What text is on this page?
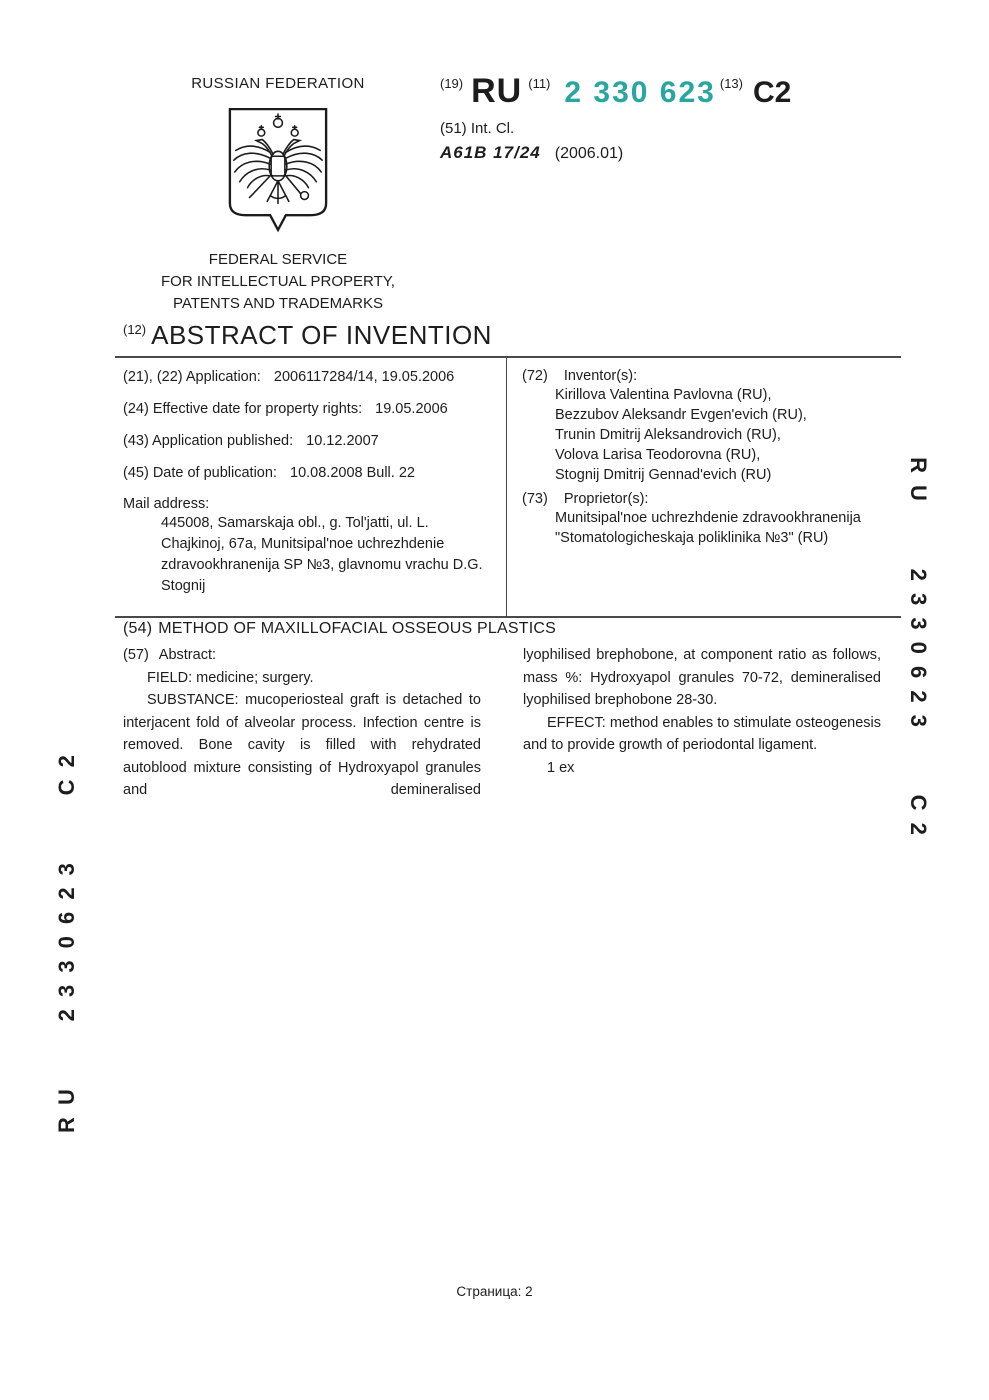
RUSSIAN FEDERATION
FEDERAL SERVICE
FOR INTELLECTUAL PROPERTY,
PATENTS AND TRADEMARKS
$^{(19)}$ RU $^{(11)}$ 2 330 623 $^{(13)}$ C2
(51) Int. Cl.
A61B 17/24 (2006.01)
$^{(12)}$ ABSTRACT OF INVENTION
(21), (22) Application: 2006117284/14, 19.05.2006
(24) Effective date for property rights: 19.05.2006
(43) Application published: 10.12.2007
(45) Date of publication: 10.08.2008 Bull. 22
Mail address:
445008, Samarskaja obl., g. Tol'jatti, ul. L. Chajkinoj, 67a, Munitsipal'noe uchrezhdenie zdravookhranenija SP №3, glavnomu vrachu D.G. Stognij
(72) Inventor(s):
Kirillova Valentina Pavlovna (RU),
Bezzubov Aleksandr Evgen'evich (RU),
Trunin Dmitrij Aleksandrovich (RU),
Volova Larisa Teodorovna (RU),
Stognij Dmitrij Gennad'evich (RU)
(73) Proprietor(s):
Munitsipal'noe uchrezhdenie zdravookhranenija "Stomatologicheskaja poliklinika №3" (RU)
(54) METHOD OF MAXILLOFACIAL OSSEOUS PLASTICS
(57) Abstract:

FIELD: medicine; surgery.

SUBSTANCE: mucoperiosteal graft is detached to interjacent fold of alveolar process. Infection centre is removed. Bone cavity is filled with rehydrated autoblood mixture consisting of Hydroxyapol granules and demineralised

lyophilised brephobone, at component ratio as follows, mass %: Hydroxyapol granules 70-72, demineralised lyophilised brephobone 28-30.

EFFECT: method enables to stimulate osteogenesis and to provide growth of periodontal ligament.

1 ex

RU 2330623 C2
RU 2330623 C2
Страница: 2
